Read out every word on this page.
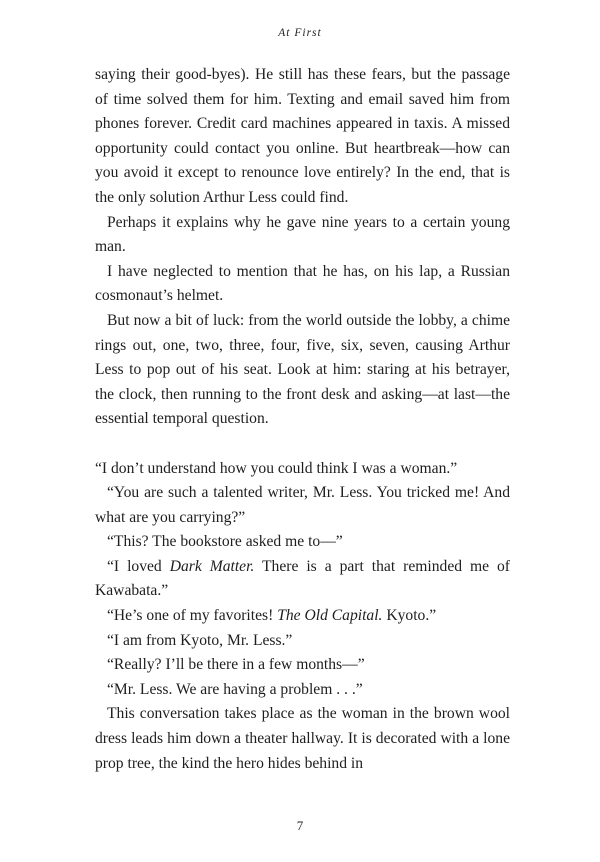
At First

saying their good-byes). He still has these fears, but the passage of time solved them for him. Texting and email saved him from phones forever. Credit card machines appeared in taxis. A missed opportunity could contact you online. But heartbreak—how can you avoid it except to renounce love entirely? In the end, that is the only solution Arthur Less could find.

Perhaps it explains why he gave nine years to a certain young man.

I have neglected to mention that he has, on his lap, a Russian cosmonaut’s helmet.

But now a bit of luck: from the world outside the lobby, a chime rings out, one, two, three, four, five, six, seven, causing Arthur Less to pop out of his seat. Look at him: staring at his betrayer, the clock, then running to the front desk and asking—at last—the essential temporal question.

“I don’t understand how you could think I was a woman.”

“You are such a talented writer, Mr. Less. You tricked me! And what are you carrying?”

“This? The bookstore asked me to—”

“I loved Dark Matter. There is a part that reminded me of Kawabata.”

“He’s one of my favorites! The Old Capital. Kyoto.”

“I am from Kyoto, Mr. Less.”

“Really? I’ll be there in a few months—”

“Mr. Less. We are having a problem . . .”

This conversation takes place as the woman in the brown wool dress leads him down a theater hallway. It is decorated with a lone prop tree, the kind the hero hides behind in

7
